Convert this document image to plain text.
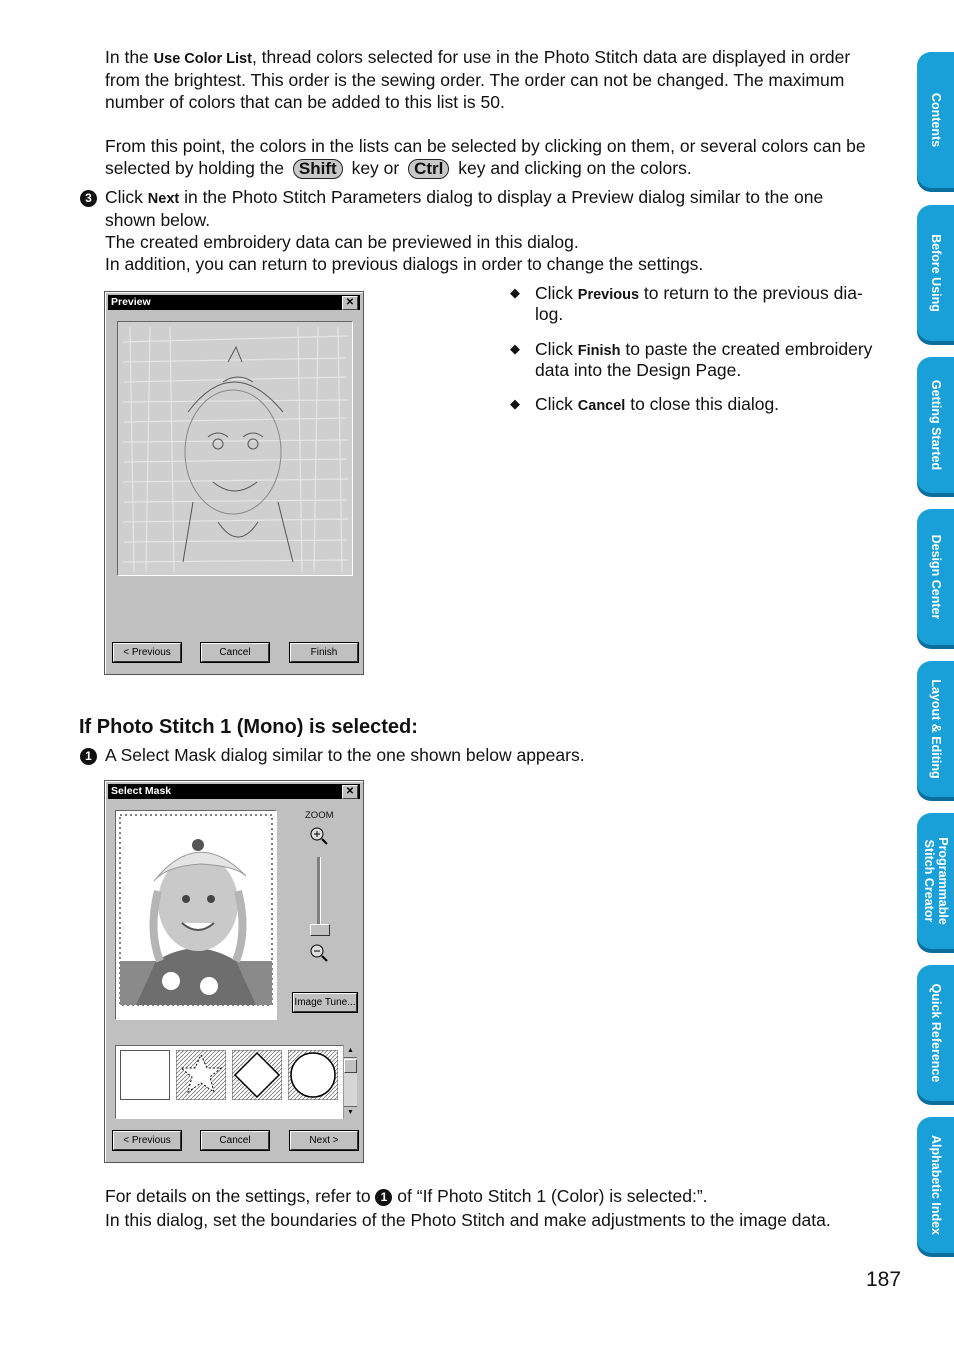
In the Use Color List, thread colors selected for use in the Photo Stitch data are displayed in order
from the brightest. This order is the sewing order. The order can not be changed. The maximum
number of colors that can be added to this list is 50.
From this point, the colors in the lists can be selected by clicking on them, or several colors can be
selected by holding the Shift key or Ctrl key and clicking on the colors.
3 Click Next in the Photo Stitch Parameters dialog to display a Preview dialog similar to the one
shown below.
The created embroidery data can be previewed in this dialog.
In addition, you can return to previous dialogs in order to change the settings.
◆ Click Previous to return to the previous dia-
log.
◆ Click Finish to paste the created embroidery
data into the Design Page.
◆ Click Cancel to close this dialog.
Preview	✕
< Previous	Cancel	Finish
If Photo Stitch 1 (Mono) is selected:
1 A Select Mask dialog similar to the one shown below appears.
Select Mask	✕
ZOOM
Image Tune...
▲
▼
< Previous	Cancel	Next >
For details on the settings, refer to 1 of “If Photo Stitch 1 (Color) is selected:”.
In this dialog, set the boundaries of the Photo Stitch and make adjustments to the image data.
187
Contents
Before Using
Getting Started
Design Center
Layout & Editing
Programmable Stitch Creator
Quick Reference
Alphabetic Index
